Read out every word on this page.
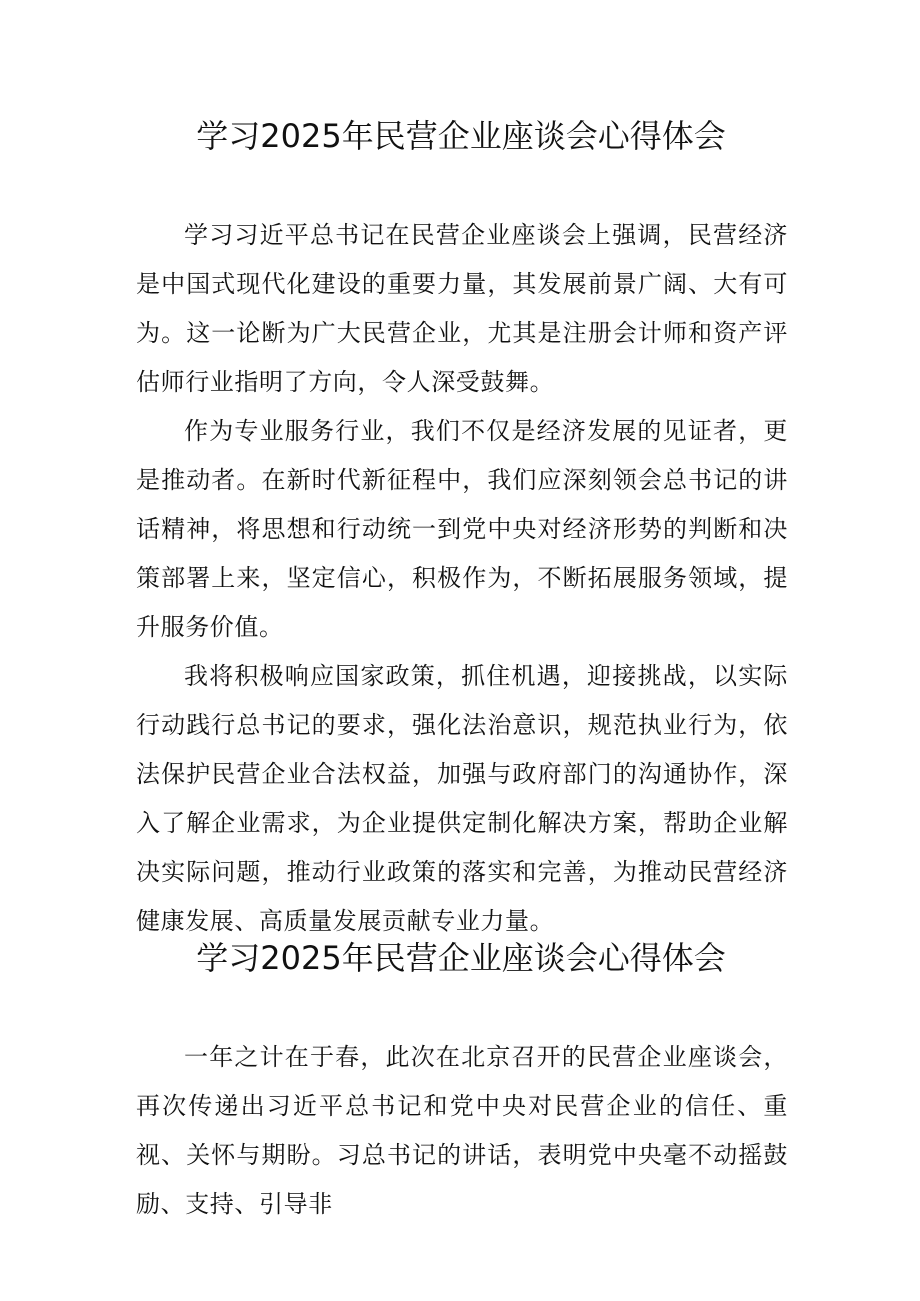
学习2025年民营企业座谈会心得体会

学习习近平总书记在民营企业座谈会上强调，民营经济是中国式现代化建设的重要力量，其发展前景广阔、大有可为。这一论断为广大民营企业，尤其是注册会计师和资产评估师行业指明了方向，令人深受鼓舞。

作为专业服务行业，我们不仅是经济发展的见证者，更是推动者。在新时代新征程中，我们应深刻领会总书记的讲话精神，将思想和行动统一到党中央对经济形势的判断和决策部署上来，坚定信心，积极作为，不断拓展服务领域，提升服务价值。

我将积极响应国家政策，抓住机遇，迎接挑战，以实际行动践行总书记的要求，强化法治意识，规范执业行为，依法保护民营企业合法权益，加强与政府部门的沟通协作，深入了解企业需求，为企业提供定制化解决方案，帮助企业解决实际问题，推动行业政策的落实和完善，为推动民营经济健康发展、高质量发展贡献专业力量。

学习2025年民营企业座谈会心得体会

一年之计在于春，此次在北京召开的民营企业座谈会，再次传递出习近平总书记和党中央对民营企业的信任、重视、关怀与期盼。习总书记的讲话，表明党中央毫不动摇鼓励、支持、引导非
